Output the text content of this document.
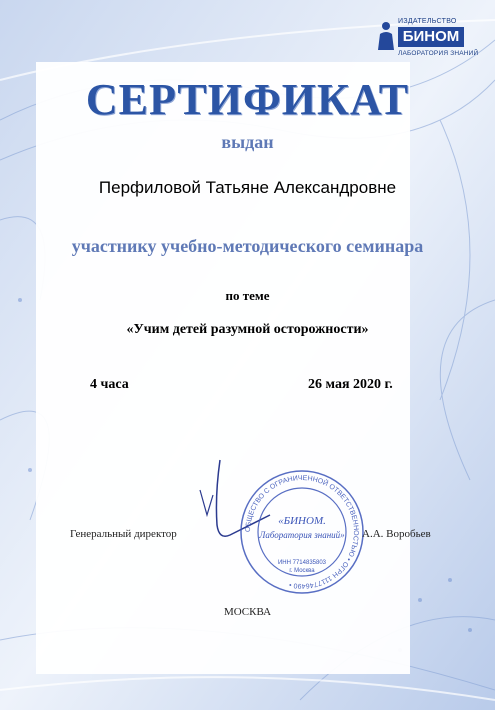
ИЗДАТЕЛЬСТВО
БИНОМ
ЛАБОРАТОРИЯ ЗНАНИЙ
СЕРТИФИКАТ
выдан
Перфиловой Татьяне Александровне
участнику учебно-методического семинара
по теме
«Учим детей разумной осторожности»
4 часа	26 мая 2020 г.
ОБЩЕСТВО С ОГРАНИЧЕННОЙ ОТВЕТСТВЕННОСТЬЮ • ОГРН 1117746490 •
«БИНОМ.
Лаборатория знаний»
ИНН 7714835803
г. Москва
Генеральный директор	А.А. Воробьев
МОСКВА
